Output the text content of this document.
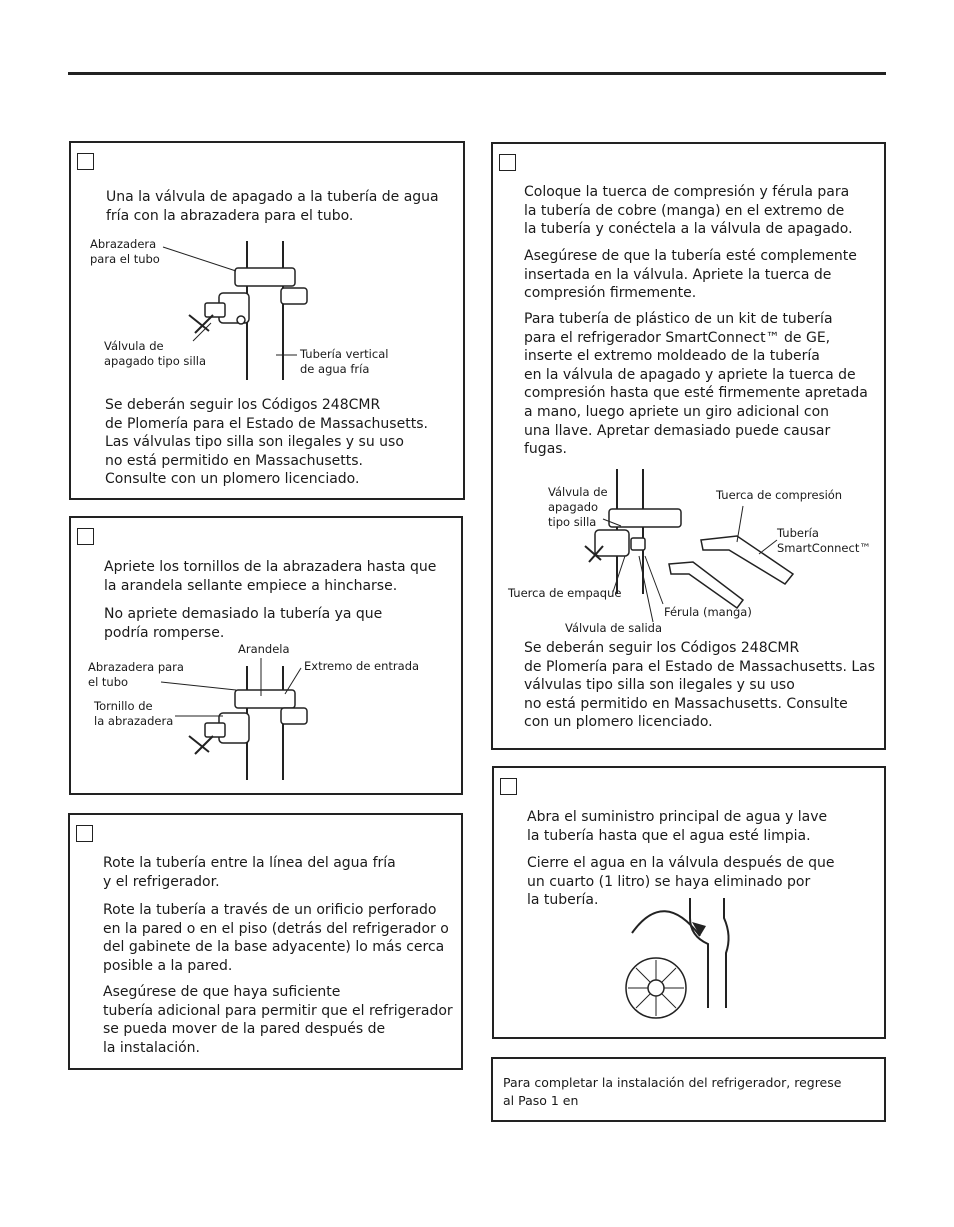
Una la válvula de apagado a la tubería de agua
fría con la abrazadera para el tubo.

Abrazadera
para el tubo

Válvula de
apagado tipo silla	Tubería vertical
de agua fría

Se deberán seguir los Códigos 248CMR
de Plomería para el Estado de Massachusetts.
Las válvulas tipo silla son ilegales y su uso
no está permitido en Massachusetts.
Consulte con un plomero licenciado.

Apriete los tornillos de la abrazadera hasta que
la arandela sellante empiece a hincharse.

No apriete demasiado la tubería ya que
podría romperse.

Arandela

Extremo de entrada

Abrazadera para
el tubo

Tornillo de
la abrazadera

Rote la tubería entre la línea del agua fría
y el refrigerador.

Rote la tubería a través de un orificio perforado
en la pared o en el piso (detrás del refrigerador o
del gabinete de la base adyacente) lo más cerca
posible a la pared.

Asegúrese de que haya suficiente
tubería adicional para permitir que el refrigerador
se pueda mover de la pared después de
la instalación.

Coloque la tuerca de compresión y férula para
la tubería de cobre (manga) en el extremo de
la tubería y conéctela a la válvula de apagado.

Asegúrese de que la tubería esté complemente
insertada en la válvula. Apriete la tuerca de
compresión firmemente.

Para tubería de plástico de un kit de tubería
para el refrigerador SmartConnect™ de GE,
inserte el extremo moldeado de la tubería
en la válvula de apagado y apriete la tuerca de
compresión hasta que esté firmemente apretada
a mano, luego apriete un giro adicional con
una llave. Apretar demasiado puede causar
fugas.

Válvula de
apagado
tipo silla

Tuerca de compresión

Tubería
SmartConnect™

Tuerca de empaque

Férula (manga)

Válvula de salida

Se deberán seguir los Códigos 248CMR
de Plomería para el Estado de Massachusetts. Las
válvulas tipo silla son ilegales y su uso
no está permitido en Massachusetts. Consulte
con un plomero licenciado.

Abra el suministro principal de agua y lave
la tubería hasta que el agua esté limpia.

Cierre el agua en la válvula después de que
un cuarto (1 litro) se haya eliminado por
la tubería.

Para completar la instalación del refrigerador, regrese
al Paso 1 en
